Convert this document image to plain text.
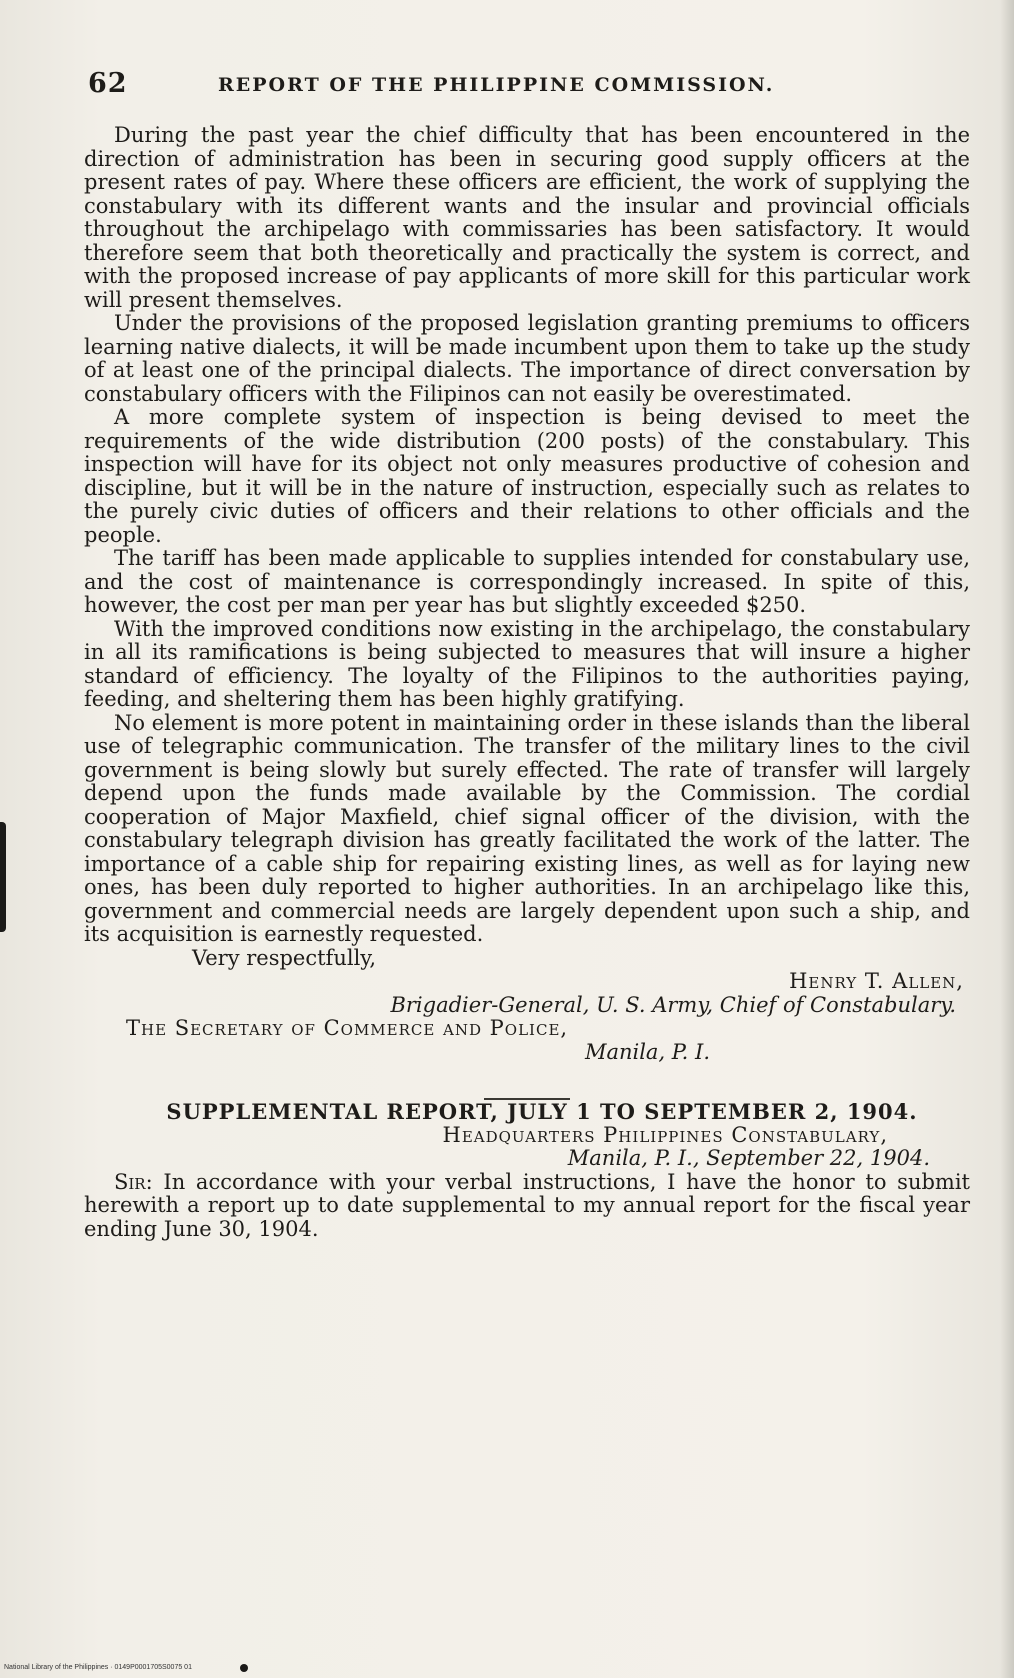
62	REPORT OF THE PHILIPPINE COMMISSION.

During the past year the chief difficulty that has been encountered in the direction of administration has been in securing good supply officers at the present rates of pay. Where these officers are efficient, the work of supplying the constabulary with its different wants and the insular and provincial officials throughout the archipelago with commissaries has been satisfactory. It would therefore seem that both theoretically and practically the system is correct, and with the proposed increase of pay applicants of more skill for this particular work will present themselves.

Under the provisions of the proposed legislation granting premiums to officers learning native dialects, it will be made incumbent upon them to take up the study of at least one of the principal dialects. The importance of direct conversation by constabulary officers with the Filipinos can not easily be overestimated.

A more complete system of inspection is being devised to meet the requirements of the wide distribution (200 posts) of the constabulary. This inspection will have for its object not only measures productive of cohesion and discipline, but it will be in the nature of instruction, especially such as relates to the purely civic duties of officers and their relations to other officials and the people.

The tariff has been made applicable to supplies intended for constabulary use, and the cost of maintenance is correspondingly increased. In spite of this, however, the cost per man per year has but slightly exceeded $250.

With the improved conditions now existing in the archipelago, the constabulary in all its ramifications is being subjected to measures that will insure a higher standard of efficiency. The loyalty of the Filipinos to the authorities paying, feeding, and sheltering them has been highly gratifying.

No element is more potent in maintaining order in these islands than the liberal use of telegraphic communication. The transfer of the military lines to the civil government is being slowly but surely effected. The rate of transfer will largely depend upon the funds made available by the Commission. The cordial cooperation of Major Maxfield, chief signal officer of the division, with the constabulary telegraph division has greatly facilitated the work of the latter. The importance of a cable ship for repairing existing lines, as well as for laying new ones, has been duly reported to higher authorities. In an archipelago like this, government and commercial needs are largely dependent upon such a ship, and its acquisition is earnestly requested.

Very respectfully,

Henry T. Allen,

Brigadier-General, U. S. Army, Chief of Constabulary.

The Secretary of Commerce and Police,

Manila, P. I.

SUPPLEMENTAL REPORT, JULY 1 TO SEPTEMBER 2, 1904.

Headquarters Philippines Constabulary,

Manila, P. I., September 22, 1904.

Sir: In accordance with your verbal instructions, I have the honor to submit herewith a report up to date supplemental to my annual report for the fiscal year ending June 30, 1904.

National Library of the Philippines · 0149P0001705S0075 01
